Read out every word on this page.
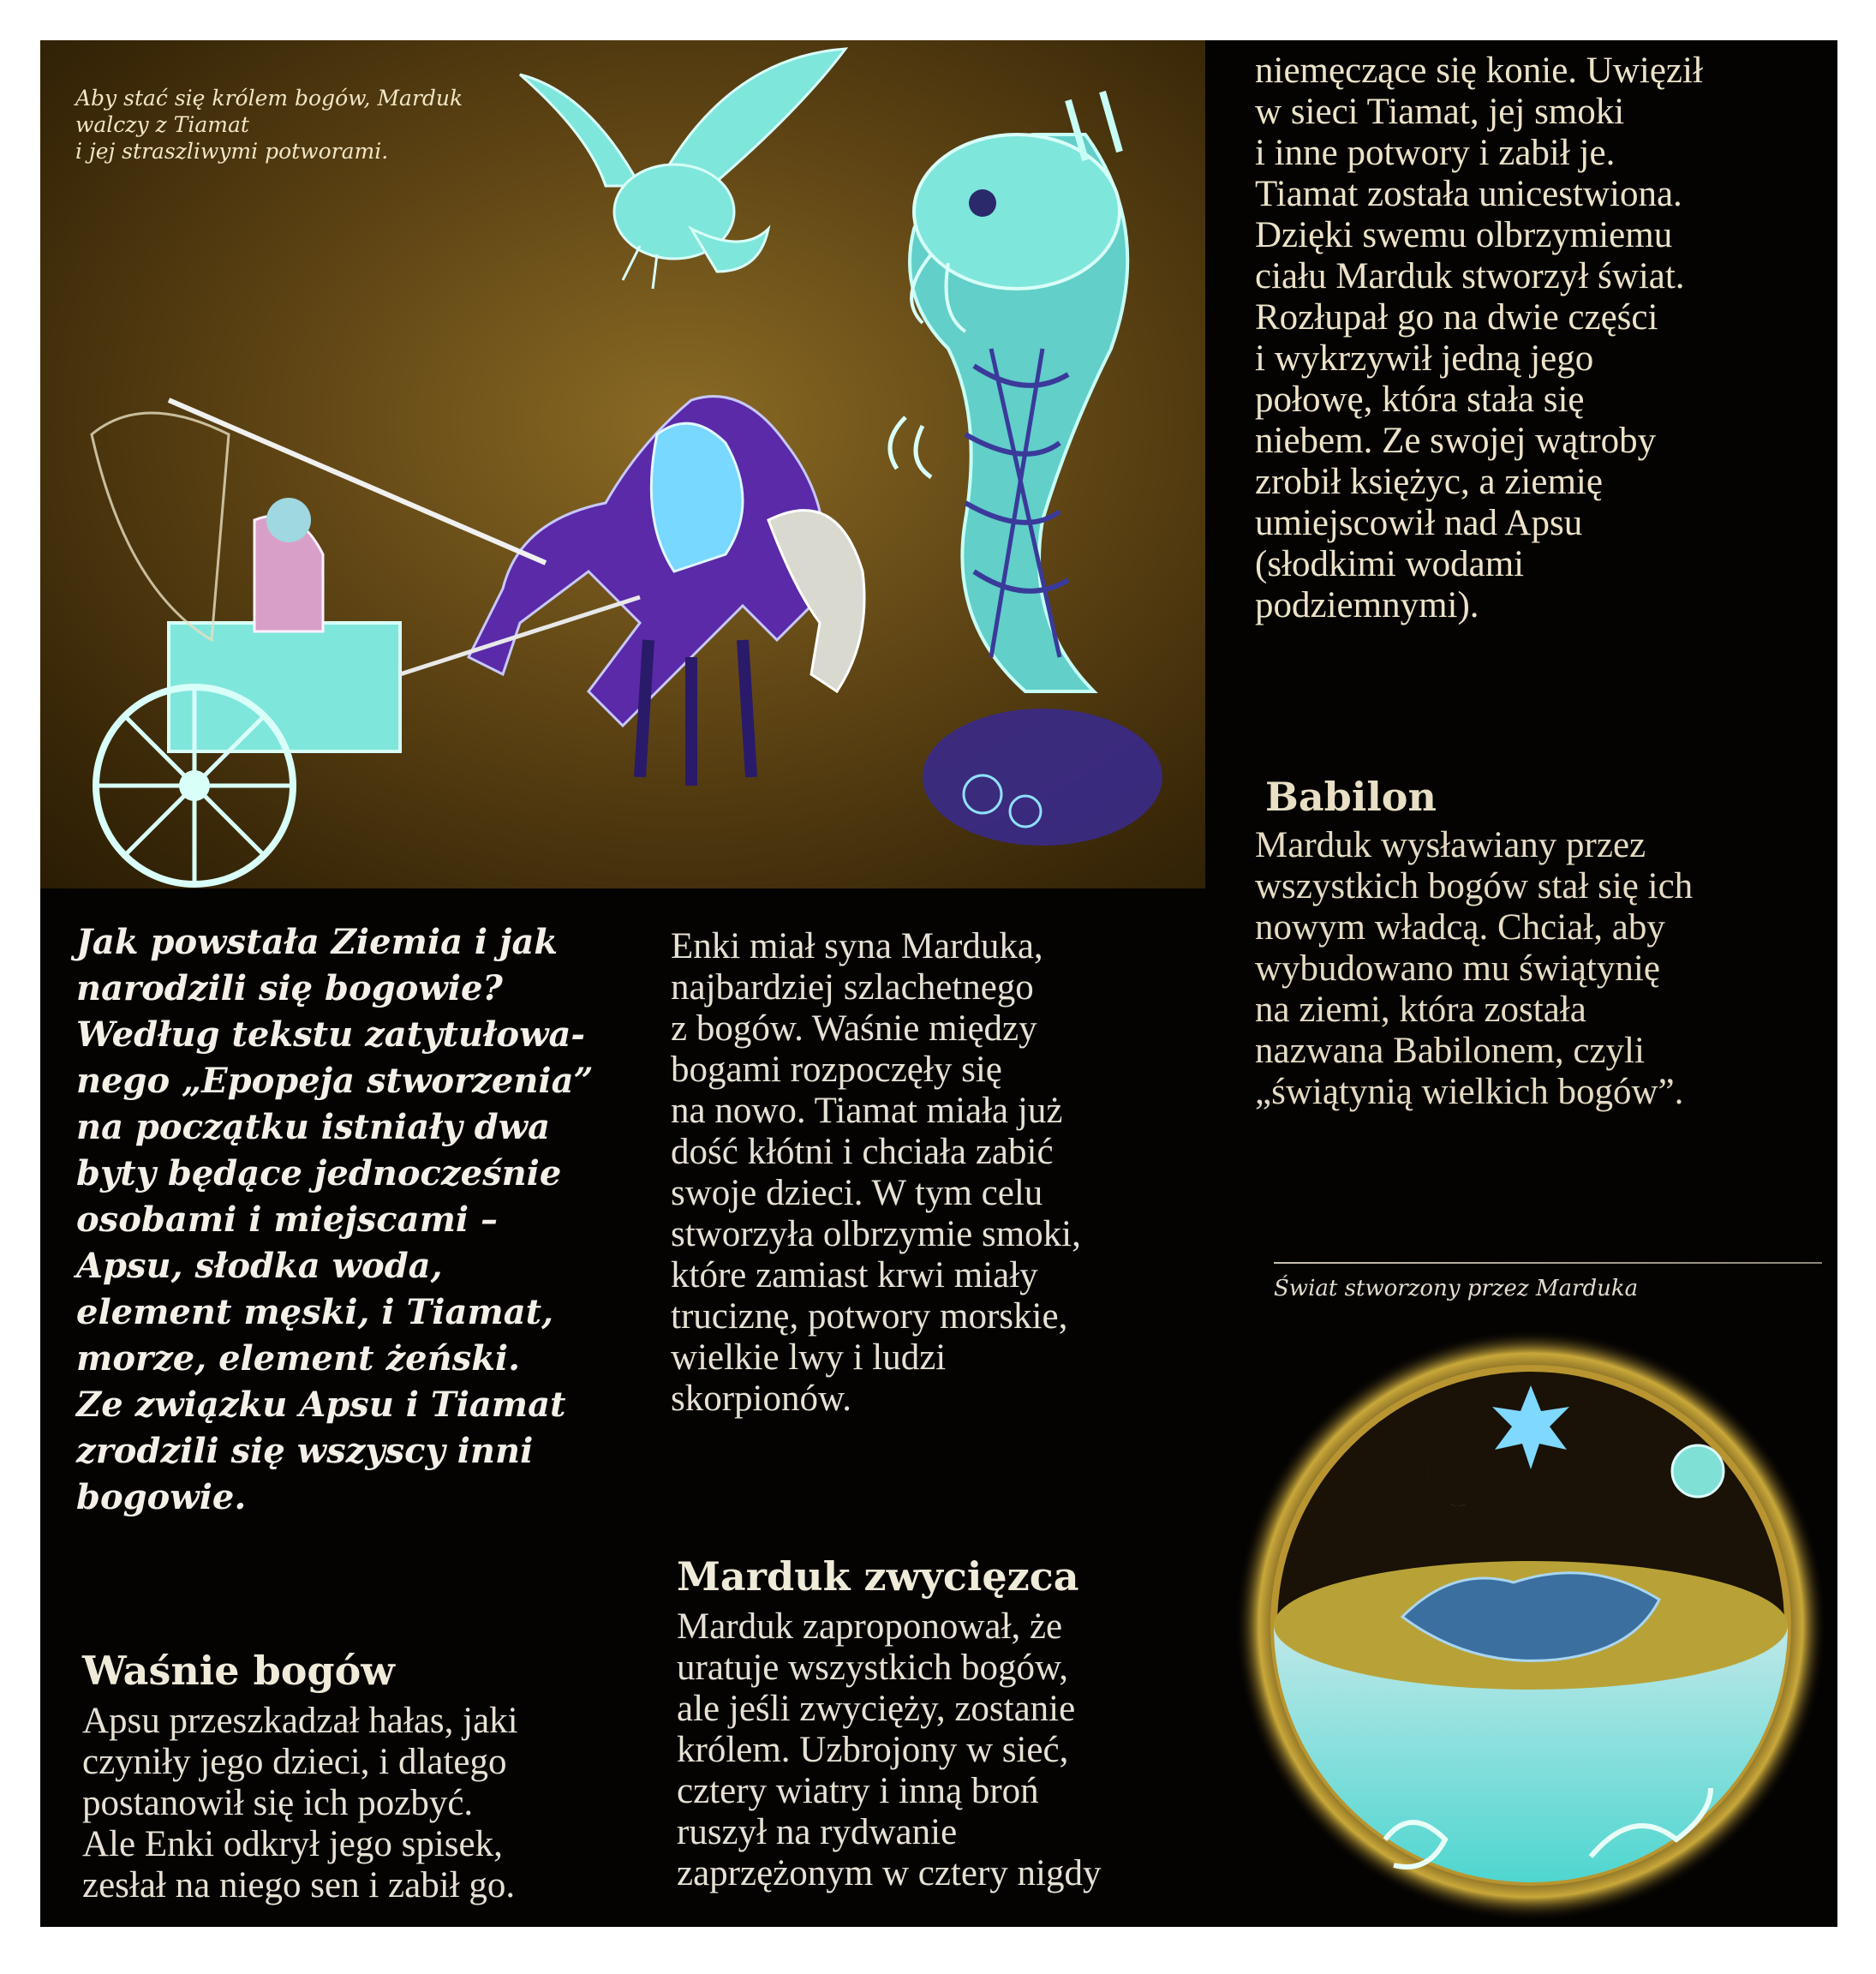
Aby stać się królem bogów, Marduk
walczy z Tiamat
i jej straszliwymi potworami.
Jak powstała Ziemia i jak
narodzili się bogowie?
Według tekstu zatytułowa-
nego „Epopeja stworzenia”
na początku istniały dwa
byty będące jednocześnie
osobami i miejscami –
Apsu, słodka woda,
element męski, i Tiamat,
morze, element żeński.
Ze związku Apsu i Tiamat
zrodzili się wszyscy inni
bogowie.
Waśnie bogów
Apsu przeszkadzał hałas, jaki
czyniły jego dzieci, i dlatego
postanowił się ich pozbyć.
Ale Enki odkrył jego spisek,
zesłał na niego sen i zabił go.
Enki miał syna Marduka,
najbardziej szlachetnego
z bogów. Waśnie między
bogami rozpoczęły się
na nowo. Tiamat miała już
dość kłótni i chciała zabić
swoje dzieci. W tym celu
stworzyła olbrzymie smoki,
które zamiast krwi miały
truciznę, potwory morskie,
wielkie lwy i ludzi
skorpionów.
Marduk zwycięzca
Marduk zaproponował, że
uratuje wszystkich bogów,
ale jeśli zwycięży, zostanie
królem. Uzbrojony w sieć,
cztery wiatry i inną broń
ruszył na rydwanie
zaprzężonym w cztery nigdy
niemęczące się konie. Uwięził
w sieci Tiamat, jej smoki
i inne potwory i zabił je.
Tiamat została unicestwiona.
Dzięki swemu olbrzymiemu
ciału Marduk stworzył świat.
Rozłupał go na dwie części
i wykrzywił jedną jego
połowę, która stała się
niebem. Ze swojej wątroby
zrobił księżyc, a ziemię
umiejscowił nad Apsu
(słodkimi wodami
podziemnymi).
Babilon
Marduk wysławiany przez
wszystkich bogów stał się ich
nowym władcą. Chciał, aby
wybudowano mu świątynię
na ziemi, która została
nazwana Babilonem, czyli
„świątynią wielkich bogów”.
Świat stworzony przez Marduka
